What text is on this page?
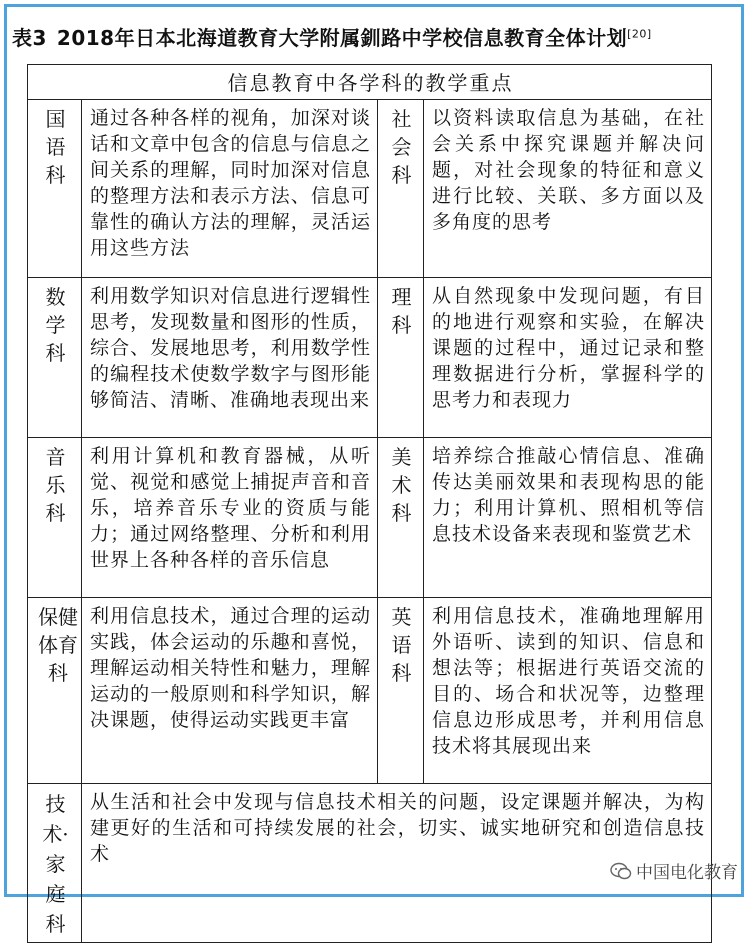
表3 2018年日本北海道教育大学附属釧路中学校信息教育全体计划[20]
信息教育中各学科的教学重点			
国语科	通过各种各样的视角，加深对谈话和文章中包含的信息与信息之间关系的理解，同时加深对信息的整理方法和表示方法、信息可靠性的确认方法的理解，灵活运用这些方法	社会科	以资料读取信息为基础，在社会关系中探究课题并解决问题，对社会现象的特征和意义进行比较、关联、多方面以及多角度的思考
数学科	利用数学知识对信息进行逻辑性思考，发现数量和图形的性质，综合、发展地思考，利用数学性的编程技术使数学数字与图形能够简洁、清晰、准确地表现出来	理科	从自然现象中发现问题，有目的地进行观察和实验，在解决课题的过程中，通过记录和整理数据进行分析，掌握科学的思考力和表现力
音乐科	利用计算机和教育器械，从听觉、视觉和感觉上捕捉声音和音乐，培养音乐专业的资质与能力；通过网络整理、分析和利用世界上各种各样的音乐信息	美术科	培养综合推敲心情信息、准确传达美丽效果和表现构思的能力；利用计算机、照相机等信息技术设备来表现和鉴赏艺术
保健体育科	利用信息技术，通过合理的运动实践，体会运动的乐趣和喜悦，理解运动相关特性和魅力，理解运动的一般原则和科学知识，解决课题，使得运动实践更丰富	英语科	利用信息技术，准确地理解用外语听、读到的知识、信息和想法等；根据进行英语交流的目的、场合和状况等，边整理信息边形成思考，并利用信息技术将其展现出来
技术·家庭科	从生活和社会中发现与信息技术相关的问题，设定课题并解决，为构建更好的生活和可持续发展的社会，切实、诚实地研究和创造信息技术		
中国电化教育
